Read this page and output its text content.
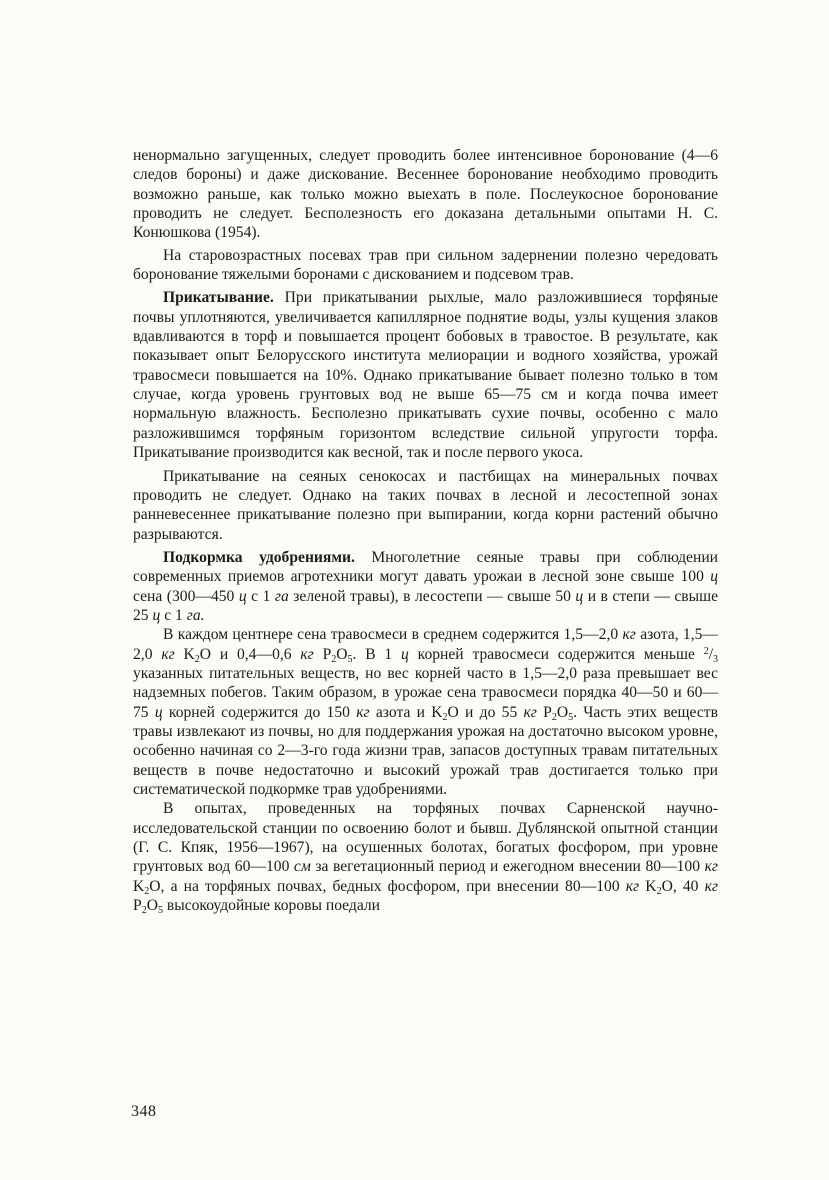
ненормально загущенных, следует проводить более интенсивное боронование (4—6 следов бороны) и даже дискование. Весеннее боронование необходимо проводить возможно раньше, как только можно выехать в поле. Послеукосное боронование проводить не следует. Бесполезность его доказана детальными опытами Н. С. Конюшкова (1954).

На старовозрастных посевах трав при сильном задернении полезно чередовать боронование тяжелыми боронами с дискованием и подсевом трав.

Прикатывание. При прикатывании рыхлые, мало разложившиеся торфяные почвы уплотняются, увеличивается капиллярное поднятие воды, узлы кущения злаков вдавливаются в торф и повышается процент бобовых в травостое. В результате, как показывает опыт Белорусского института мелиорации и водного хозяйства, урожай травосмеси повышается на 10%. Однако прикатывание бывает полезно только в том случае, когда уровень грунтовых вод не выше 65—75 см и когда почва имеет нормальную влажность. Бесполезно прикатывать сухие почвы, особенно с мало разложившимся торфяным горизонтом вследствие сильной упругости торфа. Прикатывание производится как весной, так и после первого укоса.

Прикатывание на сеяных сенокосах и пастбищах на минеральных почвах проводить не следует. Однако на таких почвах в лесной и лесостепной зонах ранневесеннее прикатывание полезно при выпирании, когда корни растений обычно разрываются.

Подкормка удобрениями. Многолетние сеяные травы при соблюдении современных приемов агротехники могут давать урожаи в лесной зоне свыше 100 ц сена (300—450 ц с 1 га зеленой травы), в лесостепи — свыше 50 ц и в степи — свыше 25 ц с 1 га.

В каждом центнере сена травосмеси в среднем содержится 1,5—2,0 кг азота, 1,5—2,0 кг $K_2O$ и 0,4—0,6 кг $P_2O_5$. В 1 ц корней травосмеси содержится меньше $^2/_3$ указанных питательных веществ, но вес корней часто в 1,5—2,0 раза превышает вес надземных побегов. Таким образом, в урожае сена травосмеси порядка 40—50 и 60—75 ц корней содержится до 150 кг азота и $K_2O$ и до 55 кг $P_2O_5$. Часть этих веществ травы извлекают из почвы, но для поддержания урожая на достаточно высоком уровне, особенно начиная со 2—3-го года жизни трав, запасов доступных травам питательных веществ в почве недостаточно и высокий урожай трав достигается только при систематической подкормке трав удобрениями.

В опытах, проведенных на торфяных почвах Сарненской научно-исследовательской станции по освоению болот и бывш. Дублянской опытной станции (Г. С. Кпяк, 1956—1967), на осушенных болотах, богатых фосфором, при уровне грунтовых вод 60—100 см за вегетационный период и ежегодном внесении 80—100 кг $K_2O$, а на торфяных почвах, бедных фосфором, при внесении 80—100 кг $K_2O$, 40 кг $P_2O_5$ высокоудойные коровы поедали

348
